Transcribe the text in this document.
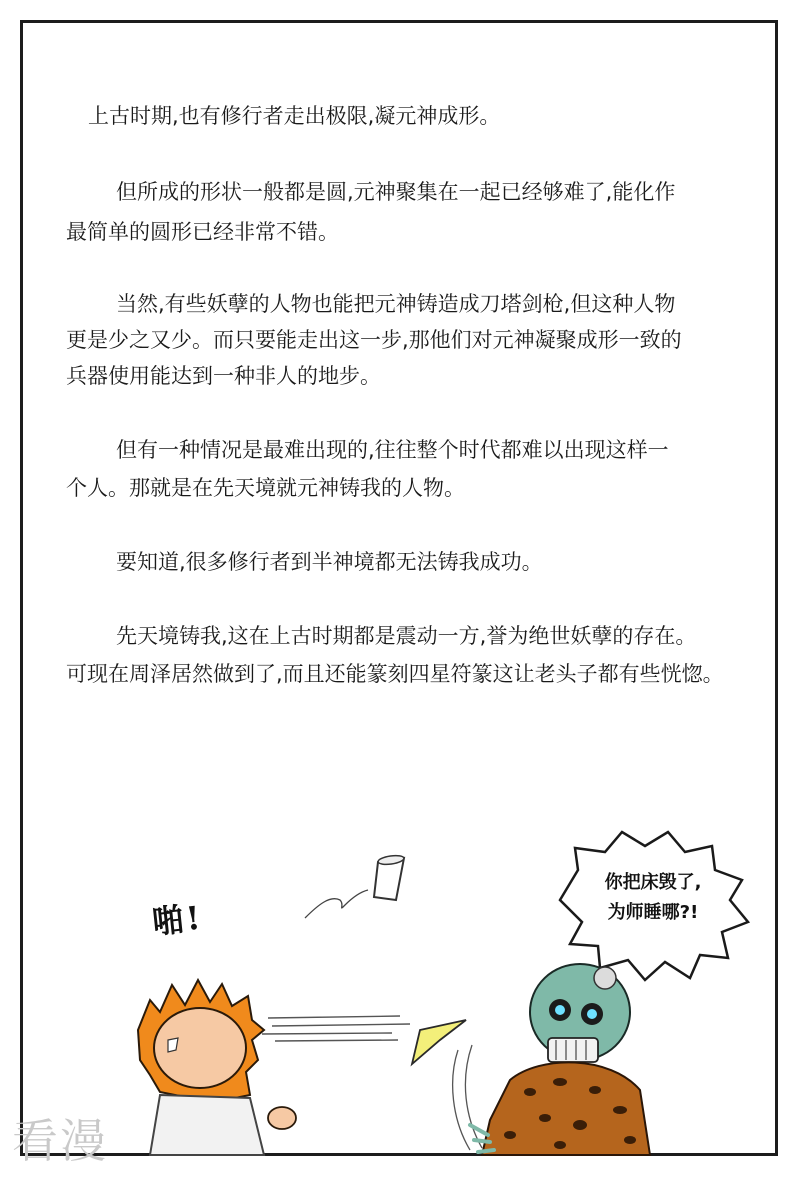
上古时期,也有修行者走出极限,凝元神成形。

但所成的形状一般都是圆,元神聚集在一起已经够难了,能化作

最简单的圆形已经非常不错。

当然,有些妖孽的人物也能把元神铸造成刀塔剑枪,但这种人物

更是少之又少。而只要能走出这一步,那他们对元神凝聚成形一致的

兵器使用能达到一种非人的地步。

但有一种情况是最难出现的,往往整个时代都难以出现这样一

个人。那就是在先天境就元神铸我的人物。

要知道,很多修行者到半神境都无法铸我成功。

先天境铸我,这在上古时期都是震动一方,誉为绝世妖孽的存在。

可现在周泽居然做到了,而且还能篆刻四星符篆这让老头子都有些恍惚。

啪!
你把床毁了,
为师睡哪?!
看漫
